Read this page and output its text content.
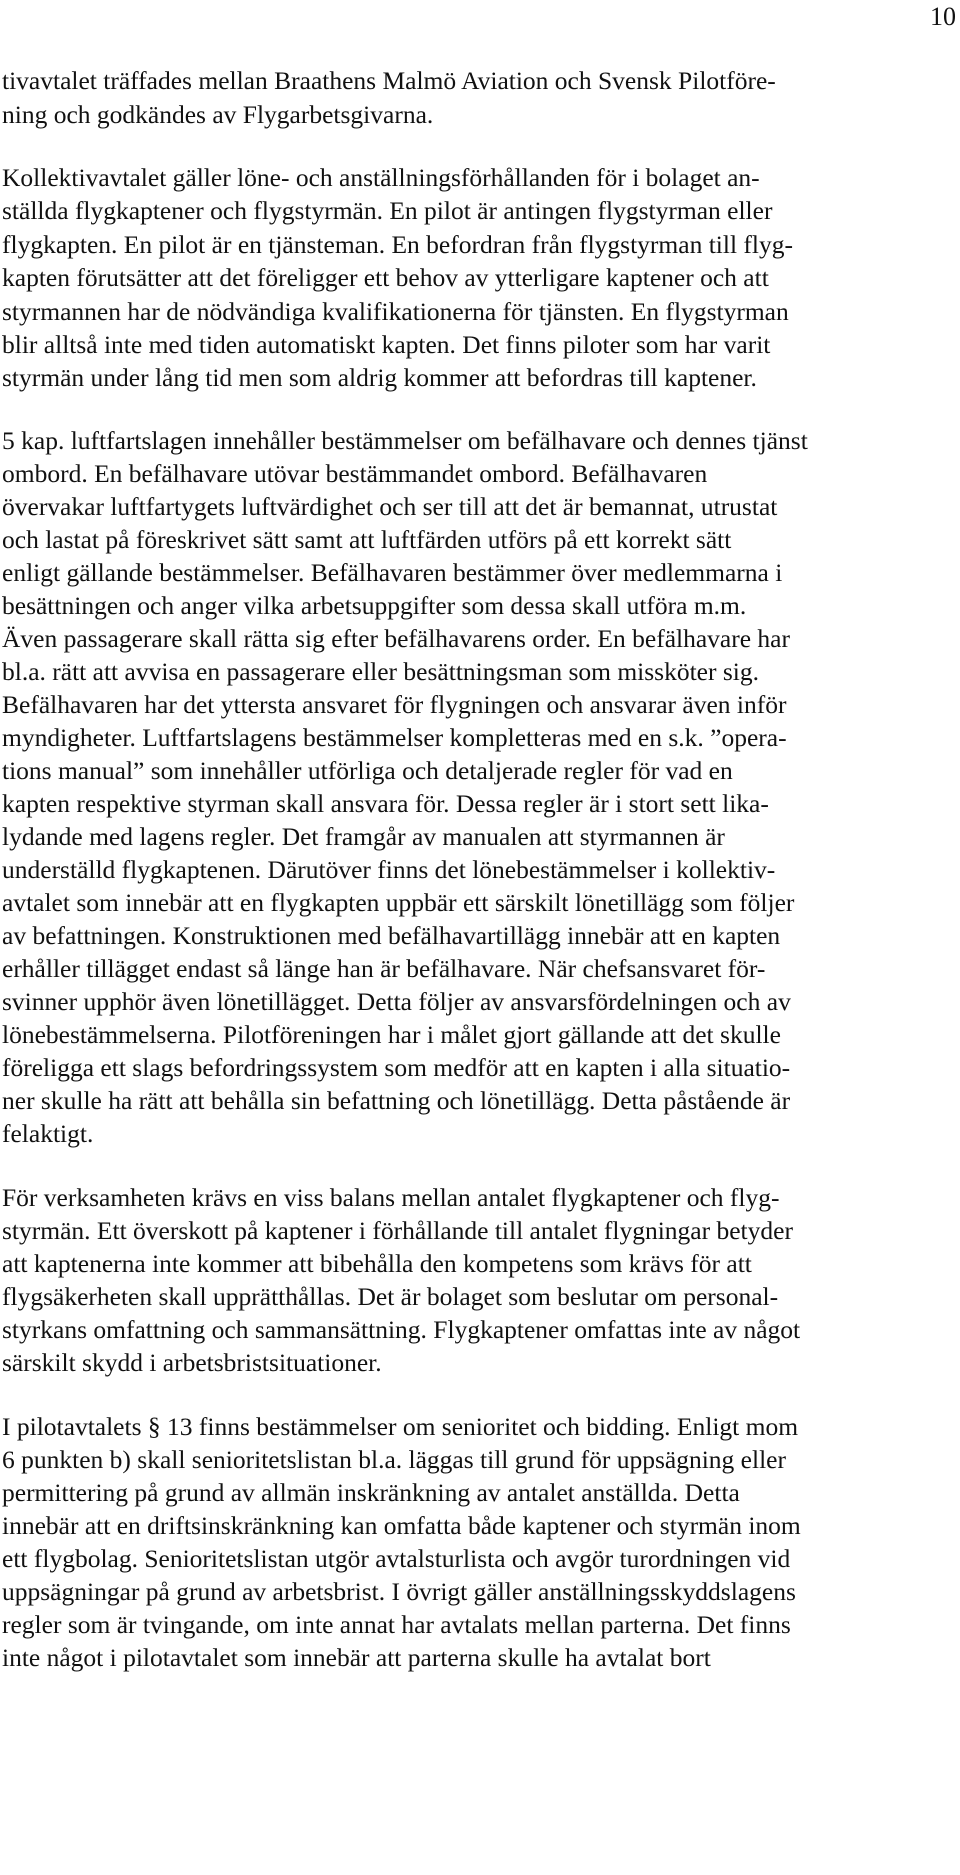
10

tivavtalet träffades mellan Braathens Malmö Aviation och Svensk Pilotföre-

ning och godkändes av Flygarbetsgivarna.

Kollektivavtalet gäller löne- och anställningsförhållanden för i bolaget an-

ställda flygkaptener och flygstyrmän. En pilot är antingen flygstyrman eller

flygkapten. En pilot är en tjänsteman. En befordran från flygstyrman till flyg-

kapten förutsätter att det föreligger ett behov av ytterligare kaptener och att

styrmannen har de nödvändiga kvalifikationerna för tjänsten. En flygstyrman

blir alltså inte med tiden automatiskt kapten. Det finns piloter som har varit

styrmän under lång tid men som aldrig kommer att befordras till kaptener.

5 kap. luftfartslagen innehåller bestämmelser om befälhavare och dennes tjänst

ombord. En befälhavare utövar bestämmandet ombord. Befälhavaren

övervakar luftfartygets luftvärdighet och ser till att det är bemannat, utrustat

och lastat på föreskrivet sätt samt att luftfärden utförs på ett korrekt sätt

enligt gällande bestämmelser. Befälhavaren bestämmer över medlemmarna i

besättningen och anger vilka arbetsuppgifter som dessa skall utföra m.m.

Även passagerare skall rätta sig efter befälhavarens order. En befälhavare har

bl.a. rätt att avvisa en passagerare eller besättningsman som missköter sig.

Befälhavaren har det yttersta ansvaret för flygningen och ansvarar även inför

myndigheter. Luftfartslagens bestämmelser kompletteras med en s.k. ”opera-

tions manual” som innehåller utförliga och detaljerade regler för vad en

kapten respektive styrman skall ansvara för. Dessa regler är i stort sett lika-

lydande med lagens regler. Det framgår av manualen att styrmannen är

underställd flygkaptenen. Därutöver finns det lönebestämmelser i kollektiv-

avtalet som innebär att en flygkapten uppbär ett särskilt lönetillägg som följer

av befattningen. Konstruktionen med befälhavartillägg innebär att en kapten

erhåller tillägget endast så länge han är befälhavare. När chefsansvaret för-

svinner upphör även lönetillägget. Detta följer av ansvarsfördelningen och av

lönebestämmelserna. Pilotföreningen har i målet gjort gällande att det skulle

föreligga ett slags befordringssystem som medför att en kapten i alla situatio-

ner skulle ha rätt att behålla sin befattning och lönetillägg. Detta påstående är

felaktigt.

För verksamheten krävs en viss balans mellan antalet flygkaptener och flyg-

styrmän. Ett överskott på kaptener i förhållande till antalet flygningar betyder

att kaptenerna inte kommer att bibehålla den kompetens som krävs för att

flygsäkerheten skall upprätthållas. Det är bolaget som beslutar om personal-

styrkans omfattning och sammansättning. Flygkaptener omfattas inte av något

särskilt skydd i arbetsbristsituationer.

I pilotavtalets § 13 finns bestämmelser om senioritet och bidding. Enligt mom

6 punkten b) skall senioritetslistan bl.a. läggas till grund för uppsägning eller

permittering på grund av allmän inskränkning av antalet anställda. Detta

innebär att en driftsinskränkning kan omfatta både kaptener och styrmän inom

ett flygbolag. Senioritetslistan utgör avtalsturlista och avgör turordningen vid

uppsägningar på grund av arbetsbrist. I övrigt gäller anställningsskyddslagens

regler som är tvingande, om inte annat har avtalats mellan parterna. Det finns

inte något i pilotavtalet som innebär att parterna skulle ha avtalat bort
